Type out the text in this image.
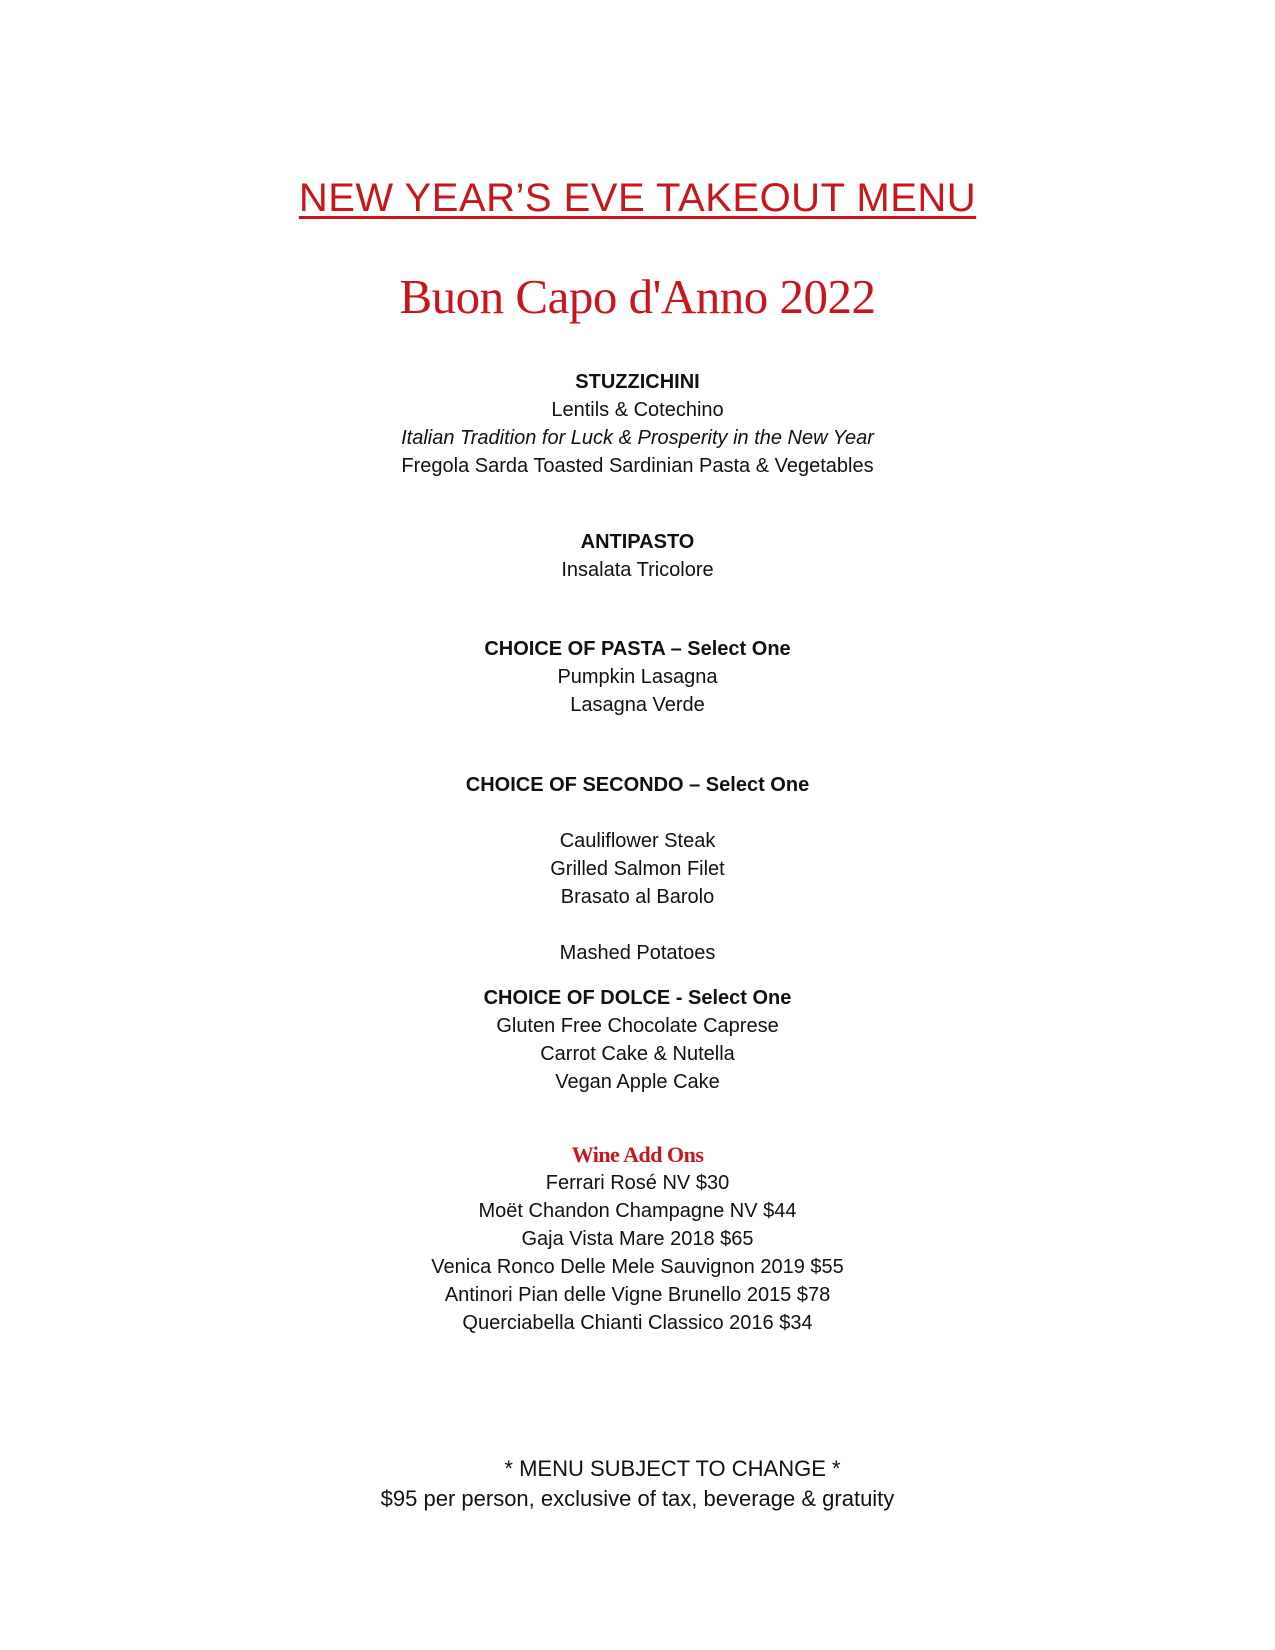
NEW YEAR’S EVE TAKEOUT MENU
Buon Capo d'Anno 2022
STUZZICHINI
Lentils & Cotechino
Italian Tradition for Luck & Prosperity in the New Year
Fregola Sarda Toasted Sardinian Pasta & Vegetables
ANTIPASTO
Insalata Tricolore
CHOICE OF PASTA – Select One
Pumpkin Lasagna
Lasagna Verde
CHOICE OF SECONDO – Select One
Cauliflower Steak
Grilled Salmon Filet
Brasato al Barolo
Mashed Potatoes
CHOICE OF DOLCE - Select One
Gluten Free Chocolate Caprese
Carrot Cake & Nutella
Vegan Apple Cake
Wine Add Ons
Ferrari Rosé NV $30
Moët Chandon Champagne NV $44
Gaja Vista Mare 2018 $65
Venica Ronco Delle Mele Sauvignon 2019 $55
Antinori Pian delle Vigne Brunello 2015 $78
Querciabella Chianti Classico 2016 $34
* MENU SUBJECT TO CHANGE *
$95 per person, exclusive of tax, beverage & gratuity
